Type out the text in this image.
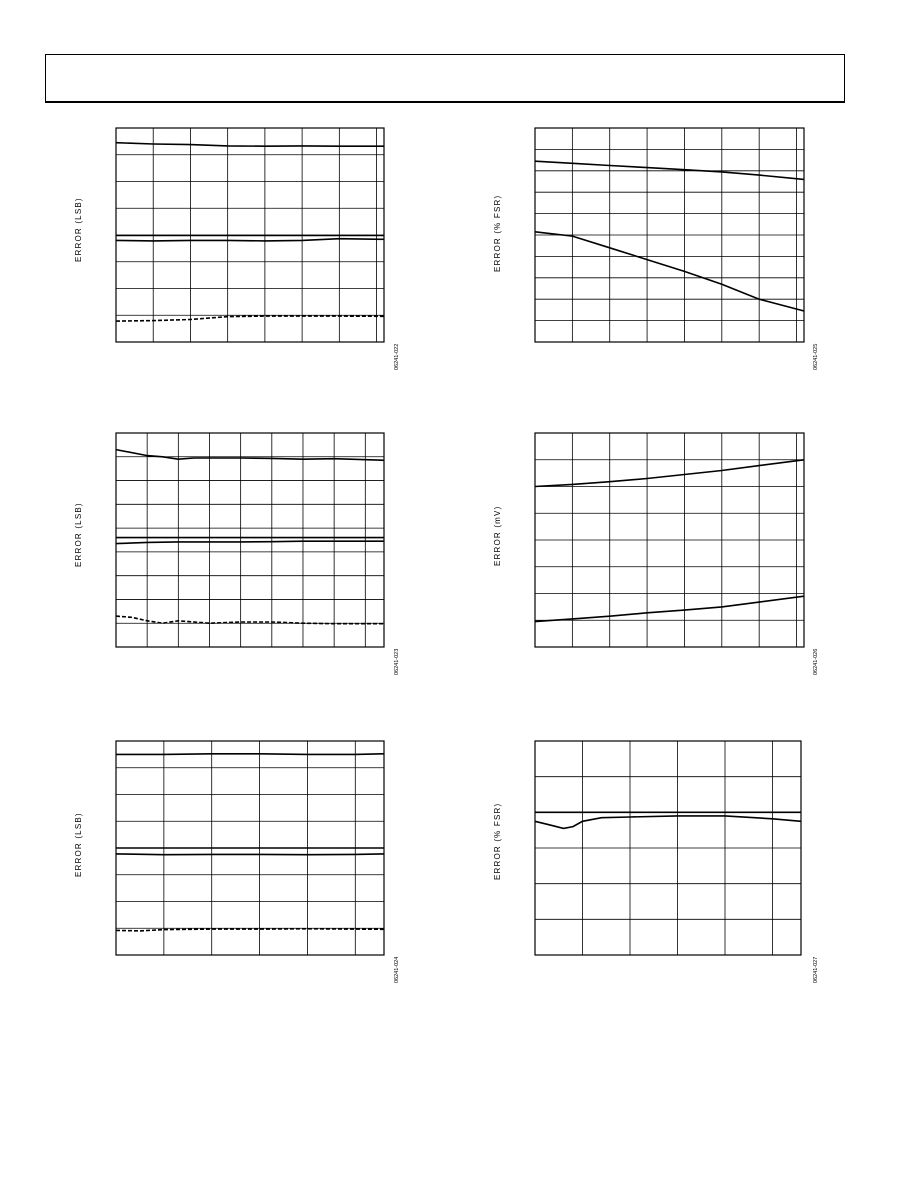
ERROR (LSB)
06241-022
ERROR (% FSR)
06241-025
ERROR (LSB)
06241-023
ERROR (mV)
06241-026
ERROR (LSB)
06241-024
ERROR (% FSR)
06241-027
